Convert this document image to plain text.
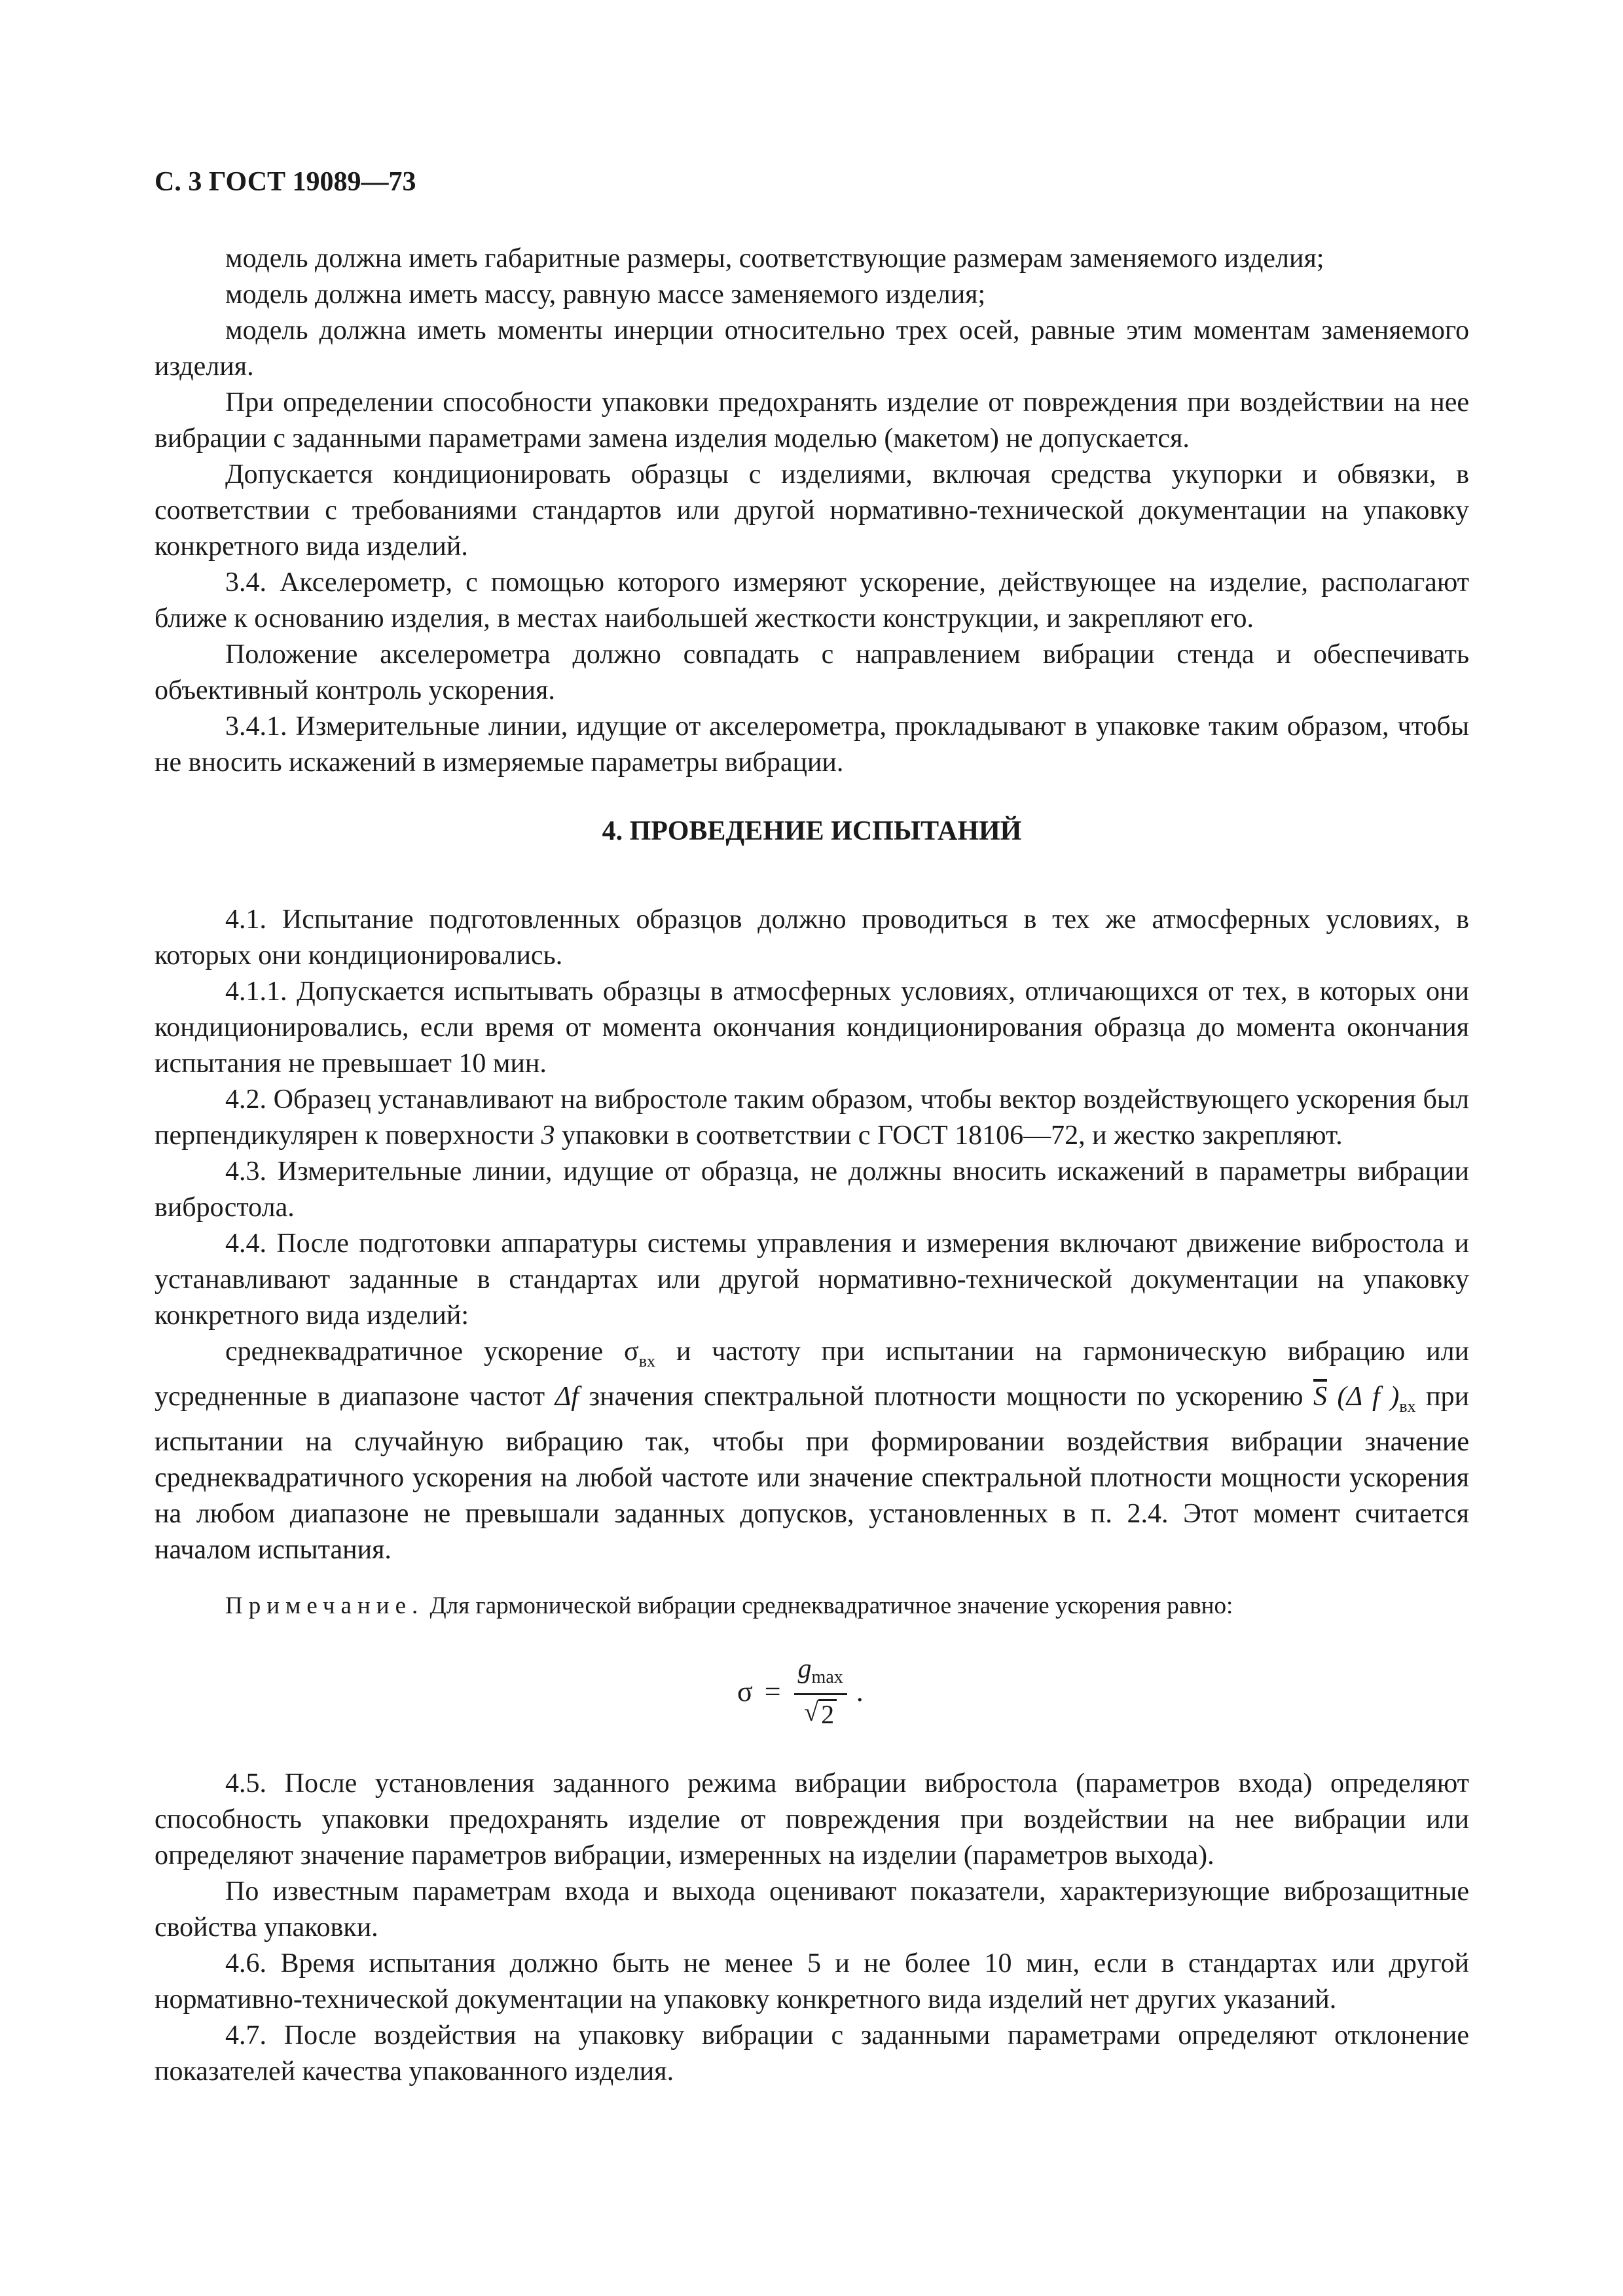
С. 3 ГОСТ 19089—73

модель должна иметь габаритные размеры, соответствующие размерам заменяемого изделия;

модель должна иметь массу, равную массе заменяемого изделия;

модель должна иметь моменты инерции относительно трех осей, равные этим моментам заменяемого изделия.

При определении способности упаковки предохранять изделие от повреждения при воздействии на нее вибрации с заданными параметрами замена изделия моделью (макетом) не допускается.

Допускается кондиционировать образцы с изделиями, включая средства укупорки и обвязки, в соответствии с требованиями стандартов или другой нормативно-технической документации на упаковку конкретного вида изделий.

3.4. Акселерометр, с помощью которого измеряют ускорение, действующее на изделие, располагают ближе к основанию изделия, в местах наибольшей жесткости конструкции, и закрепляют его.

Положение акселерометра должно совпадать с направлением вибрации стенда и обеспечивать объективный контроль ускорения.

3.4.1. Измерительные линии, идущие от акселерометра, прокладывают в упаковке таким образом, чтобы не вносить искажений в измеряемые параметры вибрации.

4. ПРОВЕДЕНИЕ ИСПЫТАНИЙ

4.1. Испытание подготовленных образцов должно проводиться в тех же атмосферных условиях, в которых они кондиционировались.

4.1.1. Допускается испытывать образцы в атмосферных условиях, отличающихся от тех, в которых они кондиционировались, если время от момента окончания кондиционирования образца до момента окончания испытания не превышает 10 мин.

4.2. Образец устанавливают на вибростоле таким образом, чтобы вектор воздействующего ускорения был перпендикулярен к поверхности 3 упаковки в соответствии с ГОСТ 18106—72, и жестко закрепляют.

4.3. Измерительные линии, идущие от образца, не должны вносить искажений в параметры вибрации вибростола.

4.4. После подготовки аппаратуры системы управления и измерения включают движение вибростола и устанавливают заданные в стандартах или другой нормативно-технической документации на упаковку конкретного вида изделий:

среднеквадратичное ускорение $\sigma_{вх}$ и частоту при испытании на гармоническую вибрацию или усредненные в диапазоне частот Δf значения спектральной плотности мощности по ускорению $\overline{S}$ (Δ f )$_{вх}$ при испытании на случайную вибрацию так, чтобы при формировании воздействия вибрации значение среднеквадратичного ускорения на любой частоте или значение спектральной плотности мощности ускорения на любом диапазоне не превышали заданных допусков, установленных в п. 2.4. Этот момент считается началом испытания.

Примечание. Для гармонической вибрации среднеквадратичное значение ускорения равно:

$\sigma = \frac{gmax}{√ 2}$ .

4.5. После установления заданного режима вибрации вибростола (параметров входа) определяют способность упаковки предохранять изделие от повреждения при воздействии на нее вибрации или определяют значение параметров вибрации, измеренных на изделии (параметров выхода).

По известным параметрам входа и выхода оценивают показатели, характеризующие виброзащитные свойства упаковки.

4.6. Время испытания должно быть не менее 5 и не более 10 мин, если в стандартах или другой нормативно-технической документации на упаковку конкретного вида изделий нет других указаний.

4.7. После воздействия на упаковку вибрации с заданными параметрами определяют отклонение показателей качества упакованного изделия.
